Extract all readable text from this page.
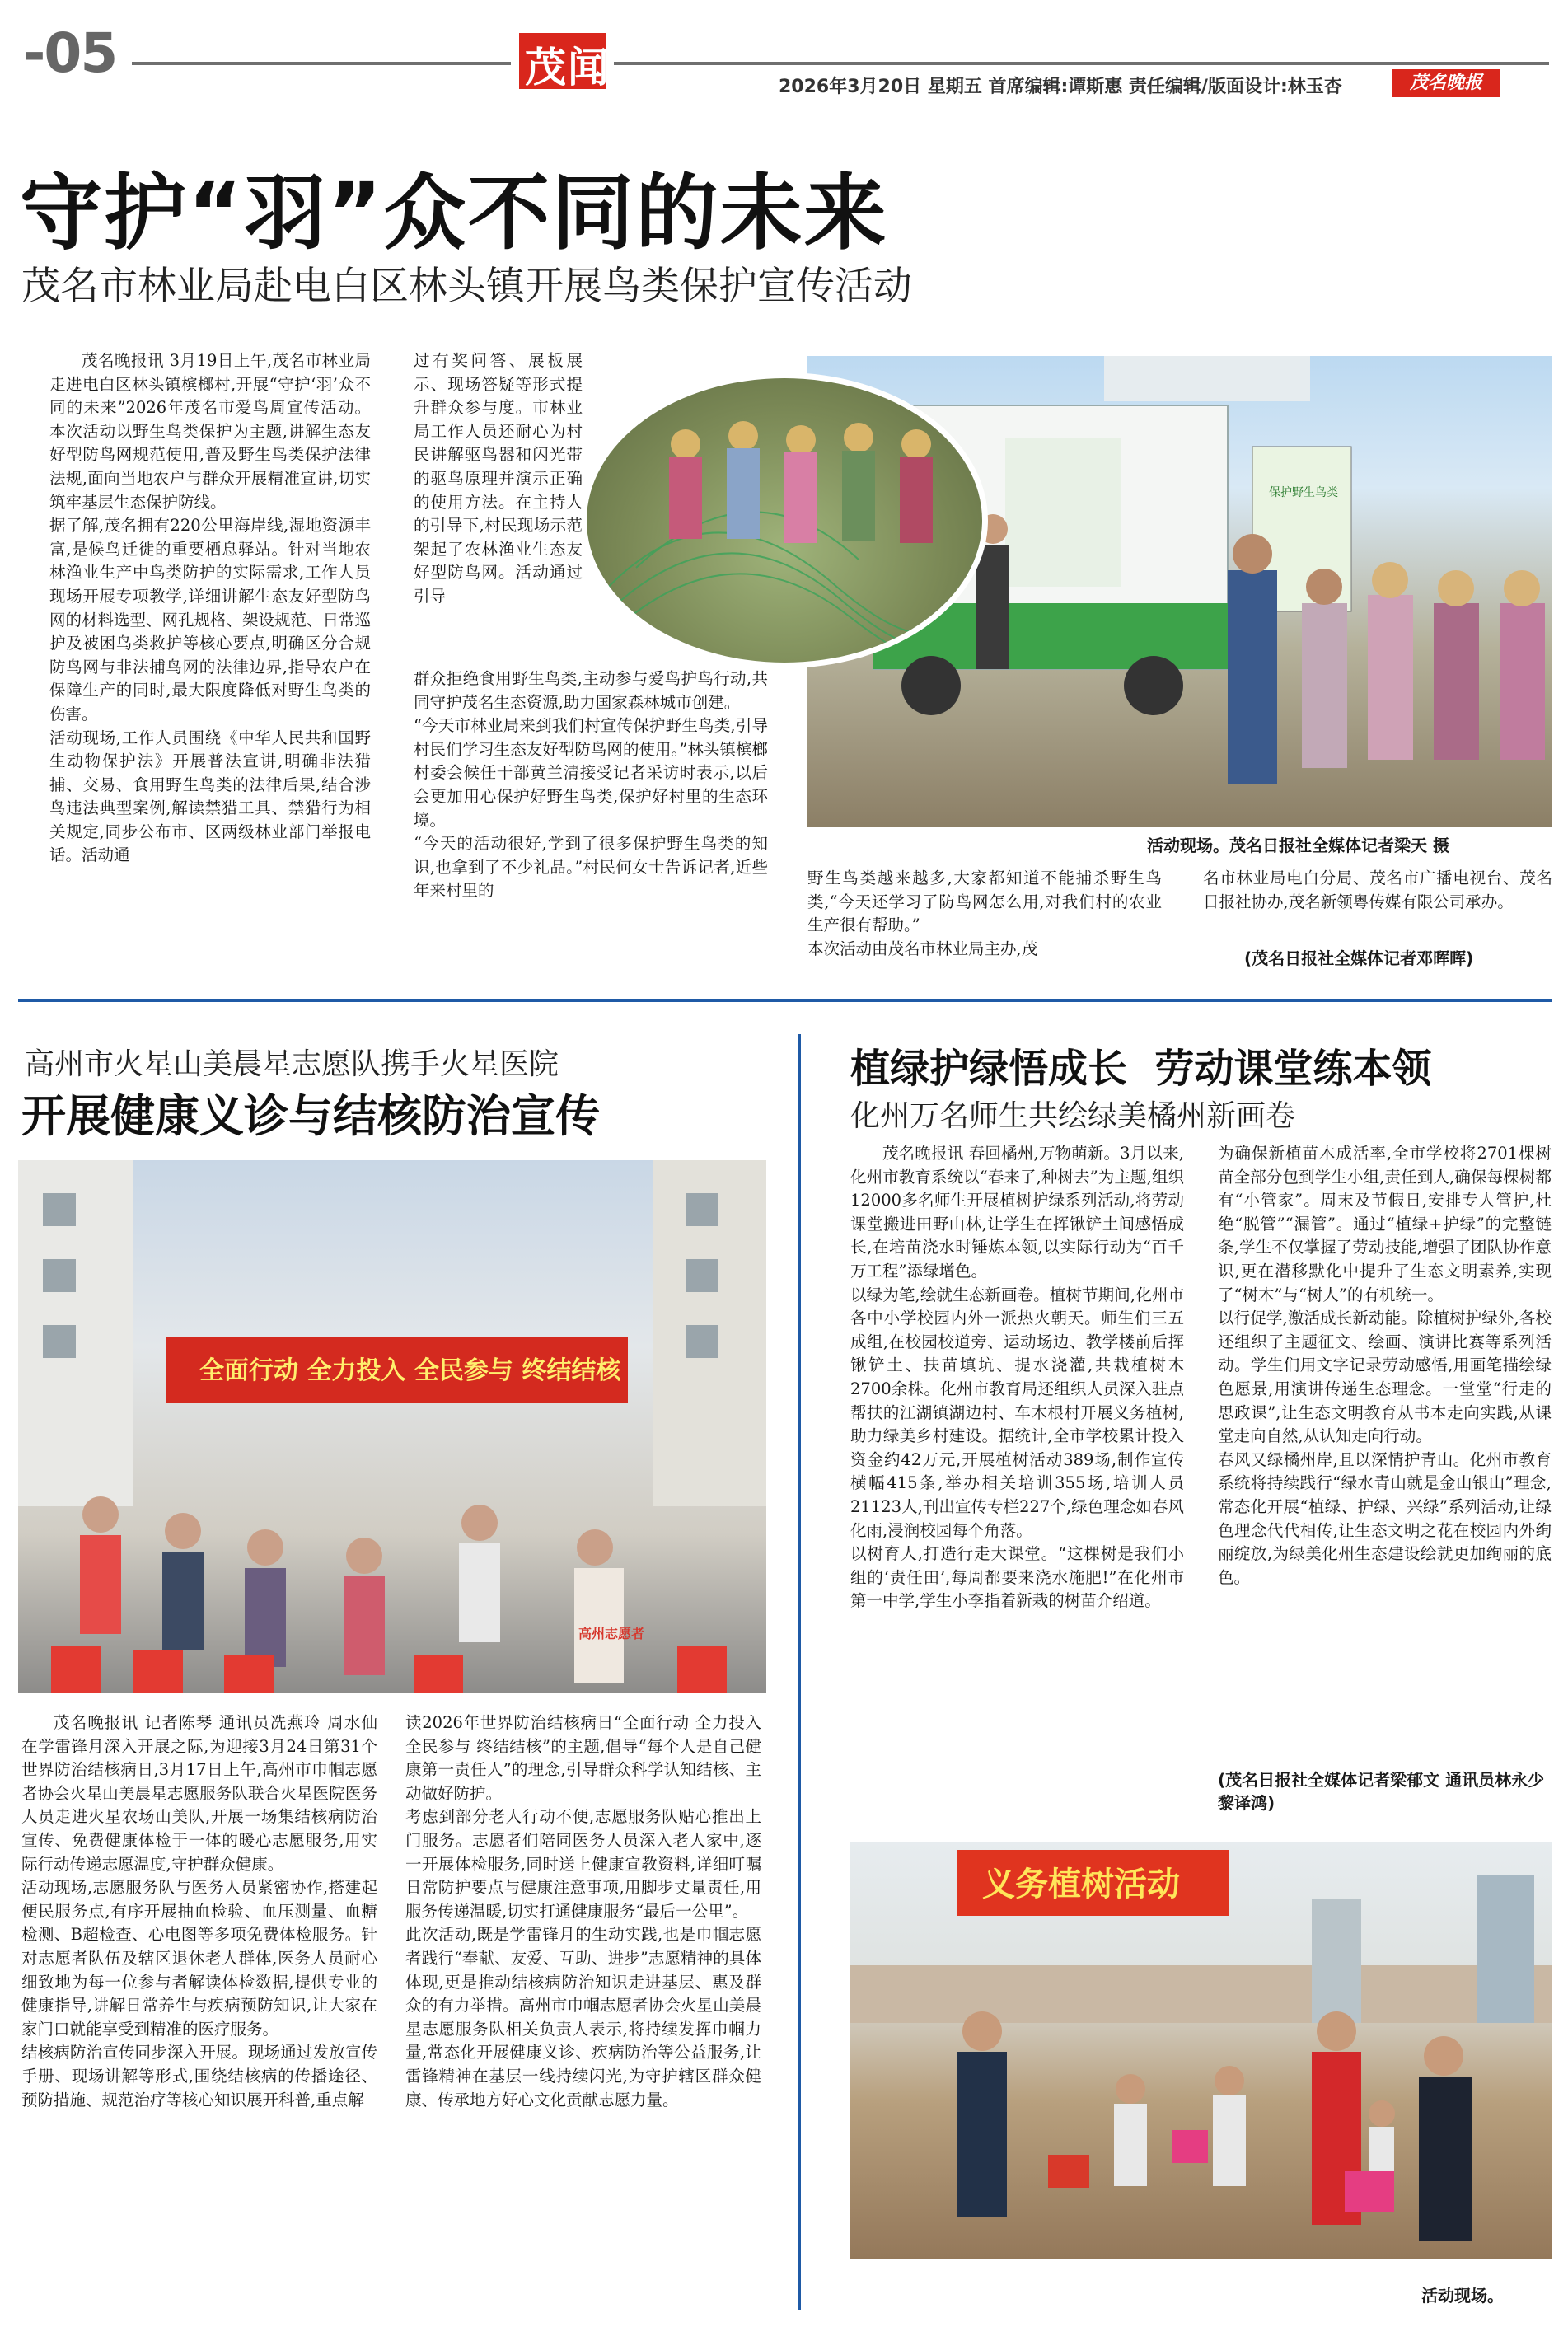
-05	茂闻	2026年3月20日 星期五 首席编辑:谭斯惠 责任编辑/版面设计:林玉杏	茂名晚报
守护“羽”众不同的未来
茂名市林业局赴电白区林头镇开展鸟类保护宣传活动
茂名晚报讯 3月19日上午,茂名市林业局走进电白区林头镇槟榔村,开展“守护‘羽’众不同的未来”2026年茂名市爱鸟周宣传活动。本次活动以野生鸟类保护为主题,讲解生态友好型防鸟网规范使用,普及野生鸟类保护法律法规,面向当地农户与群众开展精准宣讲,切实筑牢基层生态保护防线。
据了解,茂名拥有220公里海岸线,湿地资源丰富,是候鸟迁徙的重要栖息驿站。针对当地农林渔业生产中鸟类防护的实际需求,工作人员现场开展专项教学,详细讲解生态友好型防鸟网的材料选型、网孔规格、架设规范、日常巡护及被困鸟类救护等核心要点,明确区分合规防鸟网与非法捕鸟网的法律边界,指导农户在保障生产的同时,最大限度降低对野生鸟类的伤害。
活动现场,工作人员围绕《中华人民共和国野生动物保护法》开展普法宣讲,明确非法猎捕、交易、食用野生鸟类的法律后果,结合涉鸟违法典型案例,解读禁猎工具、禁猎行为相关规定,同步公布市、区两级林业部门举报电话。活动通
保护野生鸟类
过有奖问答、展板展示、现场答疑等形式提升群众参与度。市林业局工作人员还耐心为村民讲解驱鸟器和闪光带的驱鸟原理并演示正确的使用方法。在主持人的引导下,村民现场示范架起了农林渔业生态友好型防鸟网。活动通过引导
群众拒绝食用野生鸟类,主动参与爱鸟护鸟行动,共同守护茂名生态资源,助力国家森林城市创建。
“今天市林业局来到我们村宣传保护野生鸟类,引导村民们学习生态友好型防鸟网的使用。”林头镇槟榔村委会候任干部黄兰清接受记者采访时表示,以后会更加用心保护好野生鸟类,保护好村里的生态环境。
“今天的活动很好,学到了很多保护野生鸟类的知识,也拿到了不少礼品。”村民何女士告诉记者,近些年来村里的
活动现场。茂名日报社全媒体记者梁天 摄
野生鸟类越来越多,大家都知道不能捕杀野生鸟类,“今天还学习了防鸟网怎么用,对我们村的农业生产很有帮助。”
本次活动由茂名市林业局主办,茂
名市林业局电白分局、茂名市广播电视台、茂名日报社协办,茂名新领粤传媒有限公司承办。
(茂名日报社全媒体记者邓晖晖)
高州市火星山美晨星志愿队携手火星医院
开展健康义诊与结核防治宣传
全面行动 全力投入 全民参与 终结结核
高州志愿者
茂名晚报讯 记者陈琴 通讯员冼燕玲 周水仙 在学雷锋月深入开展之际,为迎接3月24日第31个世界防治结核病日,3月17日上午,高州市巾帼志愿者协会火星山美晨星志愿服务队联合火星医院医务人员走进火星农场山美队,开展一场集结核病防治宣传、免费健康体检于一体的暖心志愿服务,用实际行动传递志愿温度,守护群众健康。
活动现场,志愿服务队与医务人员紧密协作,搭建起便民服务点,有序开展抽血检验、血压测量、血糖检测、B超检查、心电图等多项免费体检服务。针对志愿者队伍及辖区退休老人群体,医务人员耐心细致地为每一位参与者解读体检数据,提供专业的健康指导,讲解日常养生与疾病预防知识,让大家在家门口就能享受到精准的医疗服务。
结核病防治宣传同步深入开展。现场通过发放宣传手册、现场讲解等形式,围绕结核病的传播途径、预防措施、规范治疗等核心知识展开科普,重点解
读2026年世界防治结核病日“全面行动 全力投入 全民参与 终结结核”的主题,倡导“每个人是自己健康第一责任人”的理念,引导群众科学认知结核、主动做好防护。
考虑到部分老人行动不便,志愿服务队贴心推出上门服务。志愿者们陪同医务人员深入老人家中,逐一开展体检服务,同时送上健康宣教资料,详细叮嘱日常防护要点与健康注意事项,用脚步丈量责任,用服务传递温暖,切实打通健康服务“最后一公里”。
此次活动,既是学雷锋月的生动实践,也是巾帼志愿者践行“奉献、友爱、互助、进步”志愿精神的具体体现,更是推动结核病防治知识走进基层、惠及群众的有力举措。高州市巾帼志愿者协会火星山美晨星志愿服务队相关负责人表示,将持续发挥巾帼力量,常态化开展健康义诊、疾病防治等公益服务,让雷锋精神在基层一线持续闪光,为守护辖区群众健康、传承地方好心文化贡献志愿力量。
植绿护绿悟成长  劳动课堂练本领
化州万名师生共绘绿美橘州新画卷
茂名晚报讯 春回橘州,万物萌新。3月以来,化州市教育系统以“春来了,种树去”为主题,组织12000多名师生开展植树护绿系列活动,将劳动课堂搬进田野山林,让学生在挥锹铲土间感悟成长,在培苗浇水时锤炼本领,以实际行动为“百千万工程”添绿增色。
以绿为笔,绘就生态新画卷。植树节期间,化州市各中小学校园内外一派热火朝天。师生们三五成组,在校园校道旁、运动场边、教学楼前后挥锹铲土、扶苗填坑、提水浇灌,共栽植树木2700余株。化州市教育局还组织人员深入驻点帮扶的江湖镇湖边村、车木根村开展义务植树,助力绿美乡村建设。据统计,全市学校累计投入资金约42万元,开展植树活动389场,制作宣传横幅415条,举办相关培训355场,培训人员21123人,刊出宣传专栏227个,绿色理念如春风化雨,浸润校园每个角落。
以树育人,打造行走大课堂。“这棵树是我们小组的‘责任田’,每周都要来浇水施肥!”在化州市第一中学,学生小李指着新栽的树苗介绍道。
为确保新植苗木成活率,全市学校将2701棵树苗全部分包到学生小组,责任到人,确保每棵树都有“小管家”。周末及节假日,安排专人管护,杜绝“脱管”“漏管”。通过“植绿+护绿”的完整链条,学生不仅掌握了劳动技能,增强了团队协作意识,更在潜移默化中提升了生态文明素养,实现了“树木”与“树人”的有机统一。
以行促学,激活成长新动能。除植树护绿外,各校还组织了主题征文、绘画、演讲比赛等系列活动。学生们用文字记录劳动感悟,用画笔描绘绿色愿景,用演讲传递生态理念。一堂堂“行走的思政课”,让生态文明教育从书本走向实践,从课堂走向自然,从认知走向行动。
春风又绿橘州岸,且以深情护青山。化州市教育系统将持续践行“绿水青山就是金山银山”理念,常态化开展“植绿、护绿、兴绿”系列活动,让绿色理念代代相传,让生态文明之花在校园内外绚丽绽放,为绿美化州生态建设绘就更加绚丽的底色。
(茂名日报社全媒体记者梁郁文 通讯员林永少 黎译鸿)
义务植树活动
活动现场。
